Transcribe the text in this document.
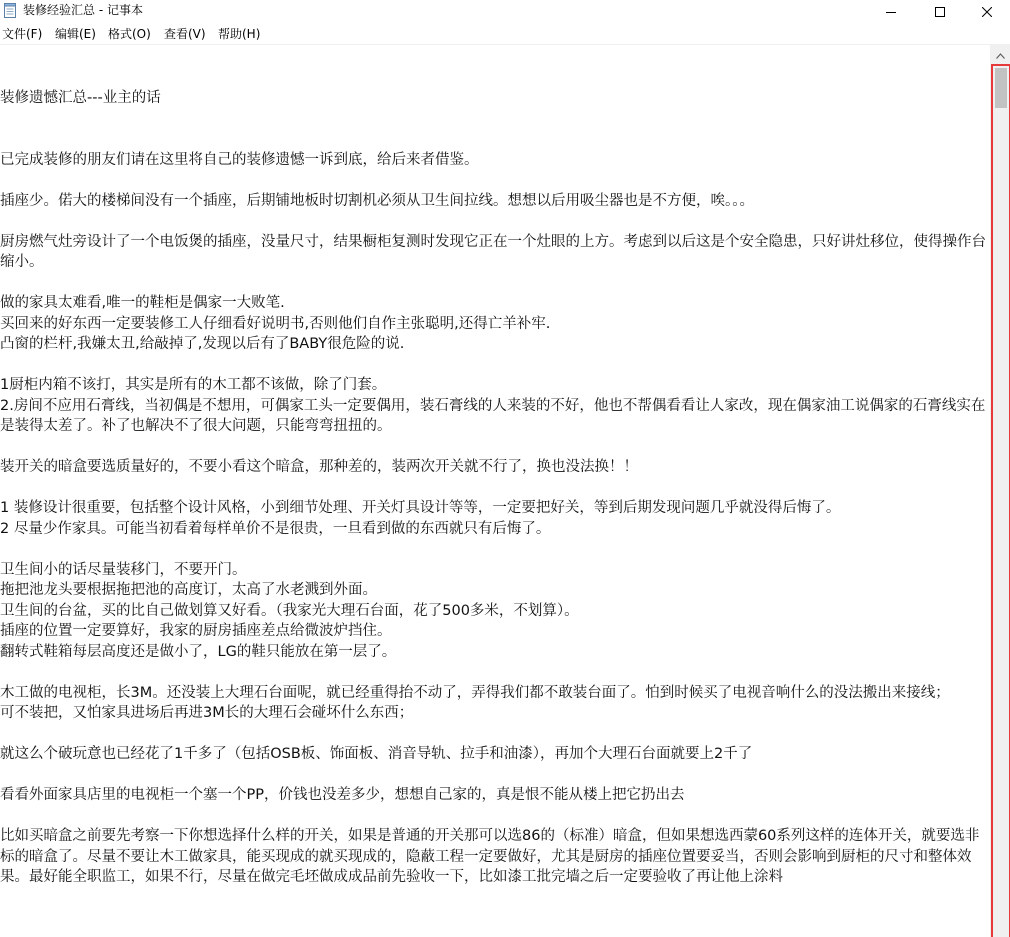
装修经验汇总 - 记事本
文件(F) 编辑(E) 格式(O) 查看(V) 帮助(H)
装修遗憾汇总---业主的话

已完成装修的朋友们请在这里将自己的装修遗憾一诉到底，给后来者借鉴。

插座少。偌大的楼梯间没有一个插座，后期铺地板时切割机必须从卫生间拉线。想想以后用吸尘器也是不方便，唉。。。

厨房燃气灶旁设计了一个电饭煲的插座，没量尺寸，结果橱柜复测时发现它正在一个灶眼的上方。考虑到以后这是个安全隐患，只好讲灶移位，使得操作台缩小。

做的家具太难看,唯一的鞋柜是偶家一大败笔.
买回来的好东西一定要装修工人仔细看好说明书,否则他们自作主张聪明,还得亡羊补牢.
凸窗的栏杆,我嫌太丑,给敲掉了,发现以后有了BABY很危险的说.

1厨柜内箱不该打，其实是所有的木工都不该做，除了门套。
2.房间不应用石膏线，当初偶是不想用，可偶家工头一定要偶用，装石膏线的人来装的不好，他也不帮偶看看让人家改，现在偶家油工说偶家的石膏线实在是装得太差了。补了也解决不了很大问题，只能弯弯扭扭的。

装开关的暗盒要选质量好的，不要小看这个暗盒，那种差的，装两次开关就不行了，换也没法换！！

1 装修设计很重要，包括整个设计风格，小到细节处理、开关灯具设计等等，一定要把好关，等到后期发现问题几乎就没得后悔了。
2 尽量少作家具。可能当初看着每样单价不是很贵，一旦看到做的东西就只有后悔了。

卫生间小的话尽量装移门，不要开门。
拖把池龙头要根据拖把池的高度订，太高了水老溅到外面。
卫生间的台盆，买的比自己做划算又好看。（我家光大理石台面，花了500多米，不划算）。
插座的位置一定要算好，我家的厨房插座差点给微波炉挡住。
翻转式鞋箱每层高度还是做小了，LG的鞋只能放在第一层了。

木工做的电视柜，长3M。还没装上大理石台面呢，就已经重得抬不动了，弄得我们都不敢装台面了。怕到时候买了电视音响什么的没法搬出来接线；
可不装把，又怕家具进场后再进3M长的大理石会碰坏什么东西；

就这么个破玩意也已经花了1千多了（包括OSB板、饰面板、消音导轨、拉手和油漆），再加个大理石台面就要上2千了

看看外面家具店里的电视柜一个塞一个PP，价钱也没差多少，想想自己家的，真是恨不能从楼上把它扔出去

比如买暗盒之前要先考察一下你想选择什么样的开关，如果是普通的开关那可以选86的（标准）暗盒，但如果想选西蒙60系列这样的连体开关，就要选非标的暗盒了。尽量不要让木工做家具，能买现成的就买现成的，隐蔽工程一定要做好，尤其是厨房的插座位置要妥当，否则会影响到厨柜的尺寸和整体效果。最好能全职监工，如果不行，尽量在做完毛坯做成成品前先验收一下，比如漆工批完墙之后一定要验收了再让他上涂料
